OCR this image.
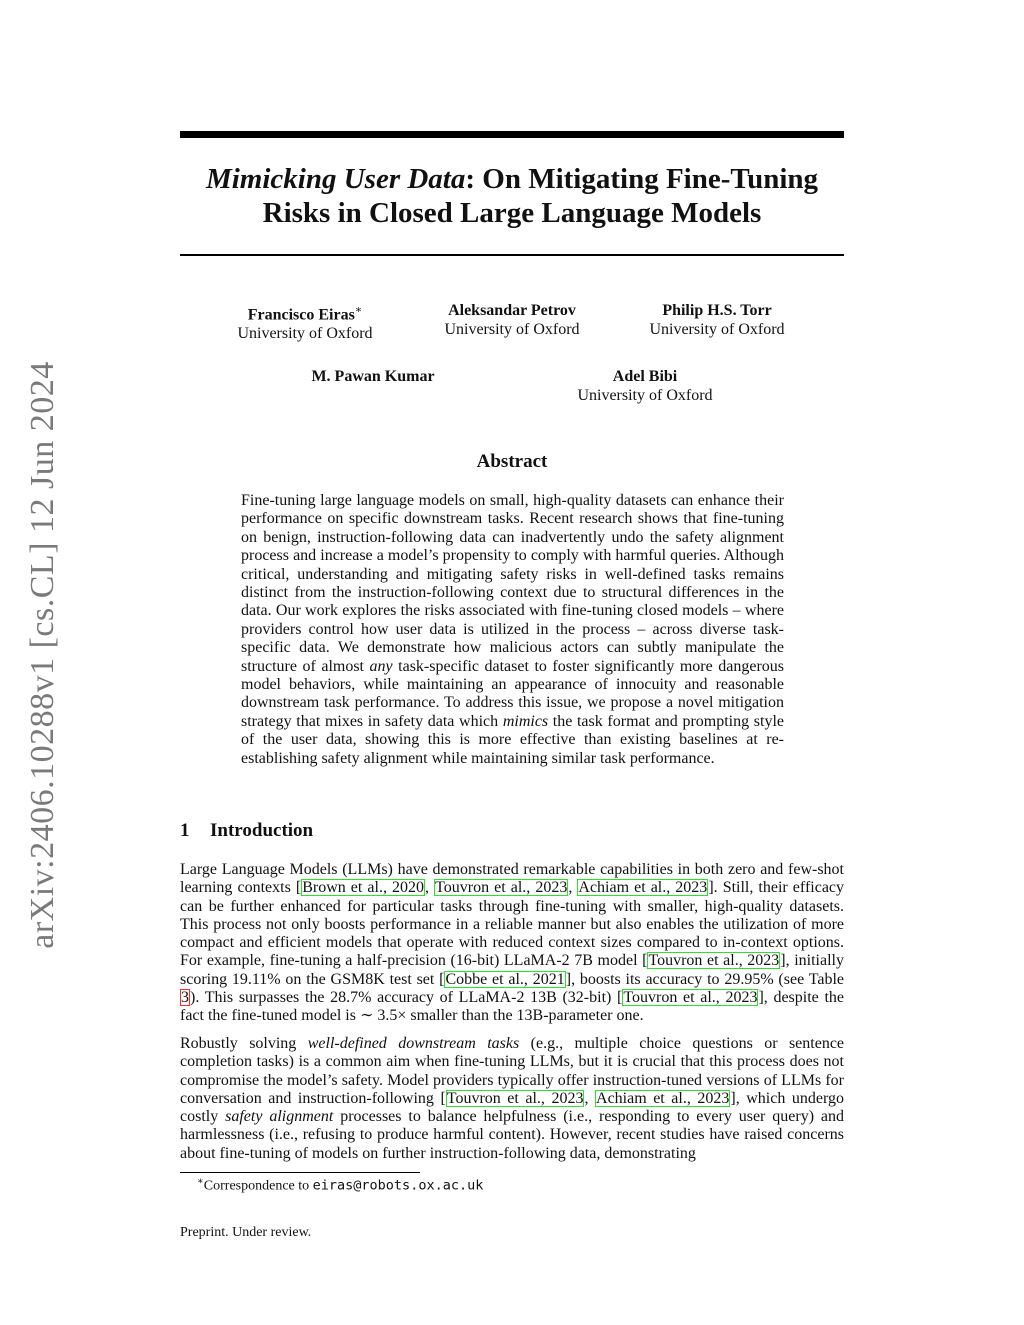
arXiv:2406.10288v1 [cs.CL] 12 Jun 2024
Mimicking User Data: On Mitigating Fine-Tuning
Risks in Closed Large Language Models
Francisco Eiras∗
University of Oxford
Aleksandar Petrov
University of Oxford
Philip H.S. Torr
University of Oxford
M. Pawan Kumar	Adel Bibi
University of Oxford
Abstract

Fine-tuning large language models on small, high-quality datasets can enhance their performance on specific downstream tasks. Recent research shows that fine-tuning on benign, instruction-following data can inadvertently undo the safety alignment process and increase a model’s propensity to comply with harmful queries. Although critical, understanding and mitigating safety risks in well-defined tasks remains distinct from the instruction-following context due to structural differences in the data. Our work explores the risks associated with fine-tuning closed models – where providers control how user data is utilized in the process – across diverse task-specific data. We demonstrate how malicious actors can subtly manipulate the structure of almost any task-specific dataset to foster significantly more dangerous model behaviors, while maintaining an appearance of innocuity and reasonable downstream task performance. To address this issue, we propose a novel mitigation strategy that mixes in safety data which mimics the task format and prompting style of the user data, showing this is more effective than existing baselines at re-establishing safety alignment while maintaining similar task performance.

1 Introduction

Large Language Models (LLMs) have demonstrated remarkable capabilities in both zero and few-shot learning contexts [Brown et al., 2020, Touvron et al., 2023, Achiam et al., 2023]. Still, their efficacy can be further enhanced for particular tasks through fine-tuning with smaller, high-quality datasets. This process not only boosts performance in a reliable manner but also enables the utilization of more compact and efficient models that operate with reduced context sizes compared to in-context options. For example, fine-tuning a half-precision (16-bit) LLaMA-2 7B model [Touvron et al., 2023], initially scoring 19.11% on the GSM8K test set [Cobbe et al., 2021], boosts its accuracy to 29.95% (see Table 3). This surpasses the 28.7% accuracy of LLaMA-2 13B (32-bit) [Touvron et al., 2023], despite the fact the fine-tuned model is ∼ 3.5× smaller than the 13B-parameter one.

Robustly solving well-defined downstream tasks (e.g., multiple choice questions or sentence completion tasks) is a common aim when fine-tuning LLMs, but it is crucial that this process does not compromise the model’s safety. Model providers typically offer instruction-tuned versions of LLMs for conversation and instruction-following [Touvron et al., 2023, Achiam et al., 2023], which undergo costly safety alignment processes to balance helpfulness (i.e., responding to every user query) and harmlessness (i.e., refusing to produce harmful content). However, recent studies have raised concerns about fine-tuning of models on further instruction-following data, demonstrating

∗Correspondence to eiras@robots.ox.ac.uk
Preprint. Under review.
